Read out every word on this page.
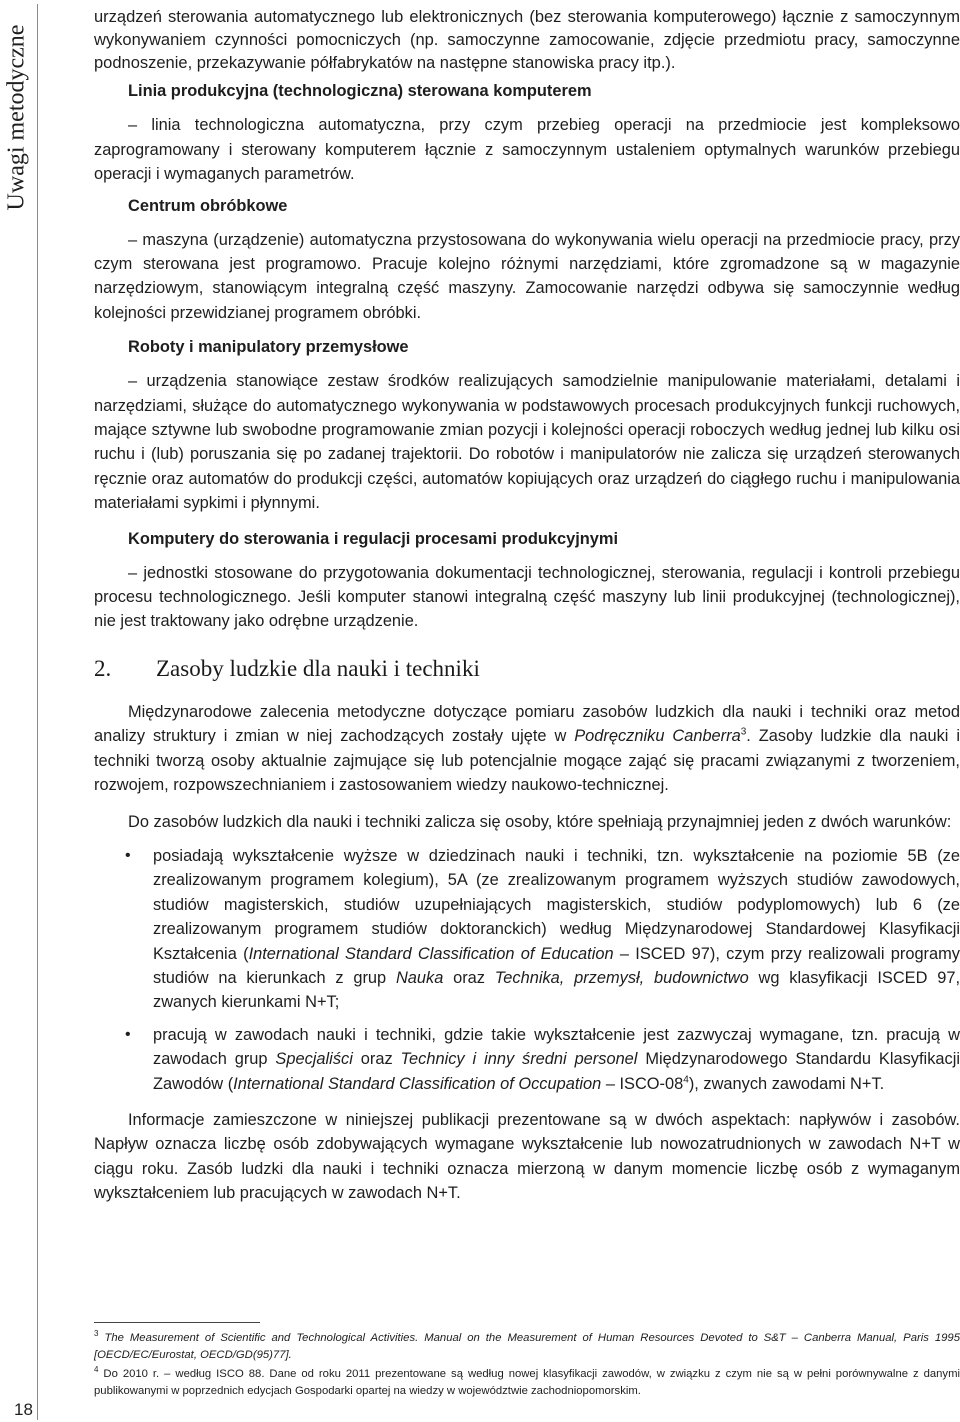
Uwagi metodyczne
18

urządzeń sterowania automatycznego lub elektronicznych (bez sterowania komputerowego) łącznie z samoczynnym wykonywaniem czynności pomocniczych (np. samoczynne zamocowanie, zdjęcie przedmiotu pracy, samoczynne podnoszenie, przekazywanie półfabrykatów na następne stanowiska pracy itp.).

Linia produkcyjna (technologiczna) sterowana komputerem

– linia technologiczna automatyczna, przy czym przebieg operacji na przedmiocie jest kompleksowo zaprogramowany i sterowany komputerem łącznie z samoczynnym ustaleniem optymalnych warunków przebiegu operacji i wymaganych parametrów.

Centrum obróbkowe

– maszyna (urządzenie) automatyczna przystosowana do wykonywania wielu operacji na przedmiocie pracy, przy czym sterowana jest programowo. Pracuje kolejno różnymi narzędziami, które zgromadzone są w magazynie narzędziowym, stanowiącym integralną część maszyny. Zamocowanie narzędzi odbywa się samoczynnie według kolejności przewidzianej programem obróbki.

Roboty i manipulatory przemysłowe

– urządzenia stanowiące zestaw środków realizujących samodzielnie manipulowanie materiałami, detalami i narzędziami, służące do automatycznego wykonywania w podstawowych procesach produkcyjnych funkcji ruchowych, mające sztywne lub swobodne programowanie zmian pozycji i kolejności operacji roboczych według jednej lub kilku osi ruchu i (lub) poruszania się po zadanej trajektorii. Do robotów i manipulatorów nie zalicza się urządzeń sterowanych ręcznie oraz automatów do produkcji części, automatów kopiujących oraz urządzeń do ciągłego ruchu i manipulowania materiałami sypkimi i płynnymi.

Komputery do sterowania i regulacji procesami produkcyjnymi

– jednostki stosowane do przygotowania dokumentacji technologicznej, sterowania, regulacji i kontroli przebiegu procesu technologicznego. Jeśli komputer stanowi integralną część maszyny lub linii produkcyjnej (technologicznej), nie jest traktowany jako odrębne urządzenie.

2. Zasoby ludzkie dla nauki i techniki

Międzynarodowe zalecenia metodyczne dotyczące pomiaru zasobów ludzkich dla nauki i techniki oraz metod analizy struktury i zmian w niej zachodzących zostały ujęte w Podręczniku Canberra$^3$. Zasoby ludzkie dla nauki i techniki tworzą osoby aktualnie zajmujące się lub potencjalnie mogące zająć się pracami związanymi z tworzeniem, rozwojem, rozpowszechnianiem i zastosowaniem wiedzy naukowo-technicznej.

Do zasobów ludzkich dla nauki i techniki zalicza się osoby, które spełniają przynajmniej jeden z dwóch warunków:

• posiadają wykształcenie wyższe w dziedzinach nauki i techniki, tzn. wykształcenie na poziomie 5B (ze zrealizowanym programem kolegium), 5A (ze zrealizowanym programem wyższych studiów zawodowych, studiów magisterskich, studiów uzupełniających magisterskich, studiów podyplomowych) lub 6 (ze zrealizowanym programem studiów doktoranckich) według Międzynarodowej Standardowej Klasyfikacji Kształcenia (International Standard Classification of Education – ISCED 97), czym przy realizowali programy studiów na kierunkach z grup Nauka oraz Technika, przemysł, budownictwo wg klasyfikacji ISCED 97, zwanych kierunkami N+T;
• pracują w zawodach nauki i techniki, gdzie takie wykształcenie jest zazwyczaj wymagane, tzn. pracują w zawodach grup Specjaliści oraz Technicy i inny średni personel Międzynarodowego Standardu Klasyfikacji Zawodów (International Standard Classification of Occupation – ISCO-$08^4$), zwanych zawodami N+T.

Informacje zamieszczone w niniejszej publikacji prezentowane są w dwóch aspektach: napływów i zasobów. Napływ oznacza liczbę osób zdobywających wymagane wykształcenie lub nowozatrudnionych w zawodach N+T w ciągu roku. Zasób ludzki dla nauki i techniki oznacza mierzoną w danym momencie liczbę osób z wymaganym wykształceniem lub pracujących w zawodach N+T.

$^3$ The Measurement of Scientific and Technological Activities. Manual on the Measurement of Human Resources Devoted to S&T – Canberra Manual, Paris 1995 [OECD/EC/Eurostat, OECD/GD(95)77].

$^4$ Do 2010 r. – według ISCO 88. Dane od roku 2011 prezentowane są według nowej klasyfikacji zawodów, w związku z czym nie są w pełni porównywalne z danymi publikowanymi w poprzednich edycjach Gospodarki opartej na wiedzy w województwie zachodniopomorskim.
